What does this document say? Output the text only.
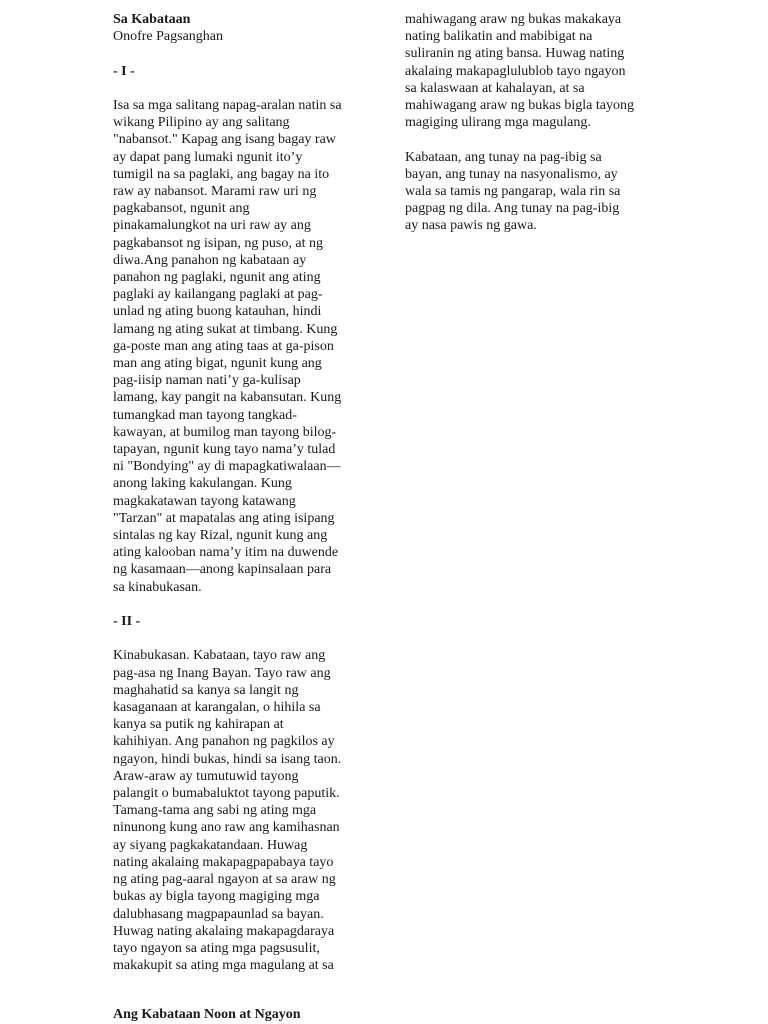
Sa Kabataan
Onofre Pagsanghan
- I -
Isa sa mga salitang napag-aralan natin sa
wikang Pilipino ay ang salitang
"nabansot." Kapag ang isang bagay raw
ay dapat pang lumaki ngunit ito’y
tumigil na sa paglaki, ang bagay na ito
raw ay nabansot. Marami raw uri ng
pagkabansot, ngunit ang
pinakamalungkot na uri raw ay ang
pagkabansot ng isipan, ng puso, at ng
diwa.Ang panahon ng kabataan ay
panahon ng paglaki, ngunit ang ating
paglaki ay kailangang paglaki at pag-
unlad ng ating buong katauhan, hindi
lamang ng ating sukat at timbang. Kung
ga-poste man ang ating taas at ga-pison
man ang ating bigat, ngunit kung ang
pag-iisip naman nati’y ga-kulisap
lamang, kay pangit na kabansutan. Kung
tumangkad man tayong tangkad-
kawayan, at bumilog man tayong bilog-
tapayan, ngunit kung tayo nama’y tulad
ni "Bondying" ay di mapagkatiwalaan—
anong laking kakulangan. Kung
magkakatawan tayong katawang
"Tarzan" at mapatalas ang ating isipang
sintalas ng kay Rizal, ngunit kung ang
ating kalooban nama’y itim na duwende
ng kasamaan—anong kapinsalaan para
sa kinabukasan.
- II -
Kinabukasan. Kabataan, tayo raw ang
pag-asa ng Inang Bayan. Tayo raw ang
maghahatid sa kanya sa langit ng
kasaganaan at karangalan, o hihila sa
kanya sa putik ng kahirapan at
kahihiyan. Ang panahon ng pagkilos ay
ngayon, hindi bukas, hindi sa isang taon.
Araw-araw ay tumutuwid tayong
palangit o bumabaluktot tayong paputik.
Tamang-tama ang sabi ng ating mga
ninunong kung ano raw ang kamihasnan
ay siyang pagkakatandaan. Huwag
nating akalaing makapagpapabaya tayo
ng ating pag-aaral ngayon at sa araw ng
bukas ay bigla tayong magiging mga
dalubhasang magpapaunlad sa bayan.
Huwag nating akalaing makapagdaraya
tayo ngayon sa ating mga pagsusulit,
makakupit sa ating mga magulang at sa
mahiwagang araw ng bukas makakaya
nating balikatin and mabibigat na
suliranin ng ating bansa. Huwag nating
akalaing makapaglulublob tayo ngayon
sa kalaswaan at kahalayan, at sa
mahiwagang araw ng bukas bigla tayong
magiging ulirang mga magulang.
Kabataan, ang tunay na pag-ibig sa
bayan, ang tunay na nasyonalismo, ay
wala sa tamis ng pangarap, wala rin sa
pagpag ng dila. Ang tunay na pag-ibig
ay nasa pawis ng gawa.
Ang Kabataan Noon at Ngayon
